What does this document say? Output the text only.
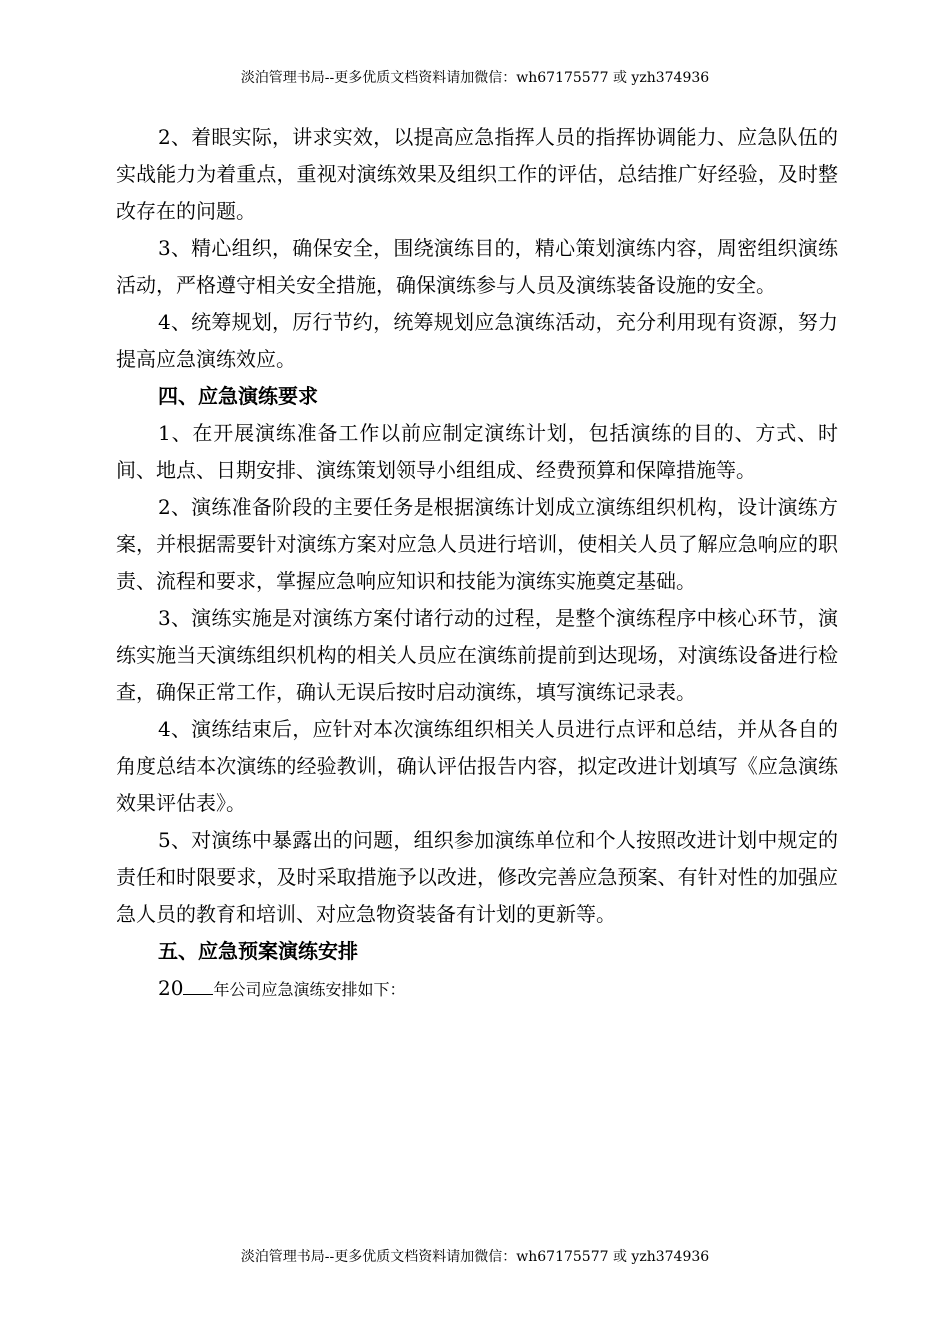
淡泊管理书局--更多优质文档资料请加微信：wh67175577 或 yzh374936

2、着眼实际，讲求实效，以提高应急指挥人员的指挥协调能力、应急队伍的实战能力为着重点，重视对演练效果及组织工作的评估，总结推广好经验，及时整改存在的问题。

3、精心组织，确保安全，围绕演练目的，精心策划演练内容，周密组织演练活动，严格遵守相关安全措施，确保演练参与人员及演练装备设施的安全。

4、统筹规划，厉行节约，统筹规划应急演练活动，充分利用现有资源，努力提高应急演练效应。

四、应急演练要求

1、在开展演练准备工作以前应制定演练计划，包括演练的目的、方式、时间、地点、日期安排、演练策划领导小组组成、经费预算和保障措施等。

2、演练准备阶段的主要任务是根据演练计划成立演练组织机构，设计演练方案，并根据需要针对演练方案对应急人员进行培训，使相关人员了解应急响应的职责、流程和要求，掌握应急响应知识和技能为演练实施奠定基础。

3、演练实施是对演练方案付诸行动的过程，是整个演练程序中核心环节，演练实施当天演练组织机构的相关人员应在演练前提前到达现场，对演练设备进行检查，确保正常工作，确认无误后按时启动演练，填写演练记录表。

4、演练结束后，应针对本次演练组织相关人员进行点评和总结，并从各自的角度总结本次演练的经验教训，确认评估报告内容，拟定改进计划填写《应急演练效果评估表》。

5、对演练中暴露出的问题，组织参加演练单位和个人按照改进计划中规定的责任和时限要求，及时采取措施予以改进，修改完善应急预案、有针对性的加强应急人员的教育和培训、对应急物资装备有计划的更新等。

五、应急预案演练安排

20 年公司应急演练安排如下：

淡泊管理书局--更多优质文档资料请加微信：wh67175577 或 yzh374936
